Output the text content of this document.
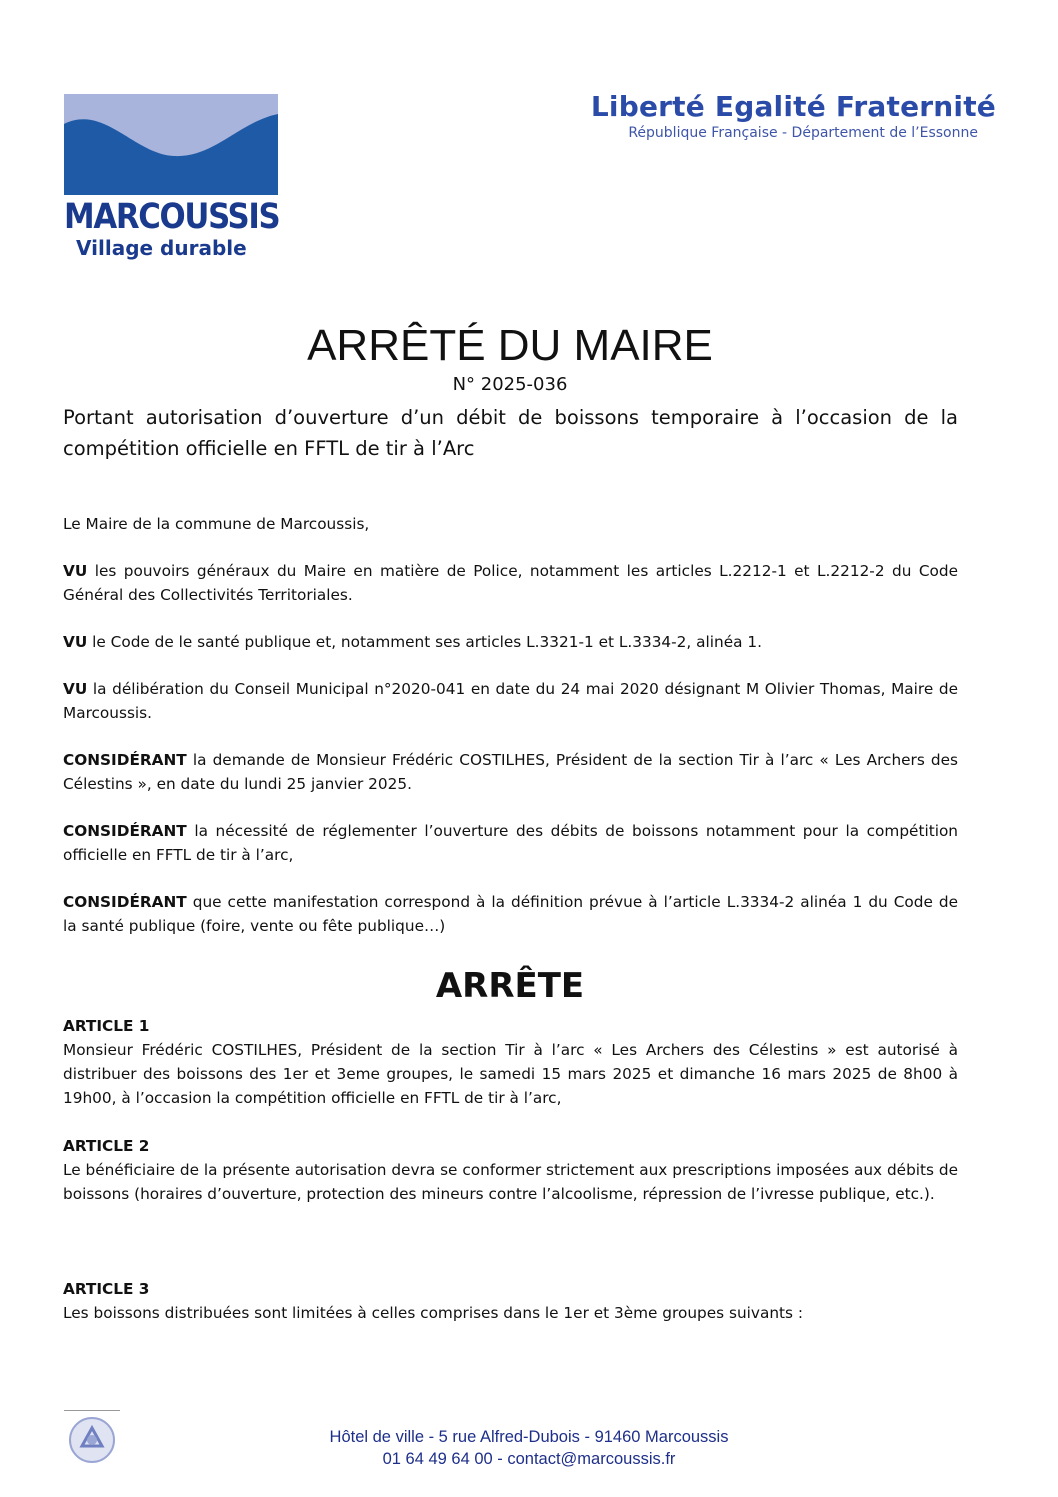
MARCOUSSIS
Village durable
Liberté Egalité Fraternité
République Française - Département de l’Essonne
ARRÊTÉ DU MAIRE
N° 2025-036
Portant autorisation d’ouverture d’un débit de boissons temporaire à l’occasion de la compétition officielle en FFTL de tir à l’Arc

Le Maire de la commune de Marcoussis,

VU les pouvoirs généraux du Maire en matière de Police, notamment les articles L.2212-1 et L.2212-2 du Code Général des Collectivités Territoriales.

VU le Code de le santé publique et, notamment ses articles L.3321-1 et L.3334-2, alinéa 1.

VU la délibération du Conseil Municipal n°2020-041 en date du 24 mai 2020 désignant M Olivier Thomas, Maire de Marcoussis.

CONSIDÉRANT la demande de Monsieur Frédéric COSTILHES, Président de la section Tir à l’arc « Les Archers des Célestins », en date du lundi 25 janvier 2025.

CONSIDÉRANT la nécessité de réglementer l’ouverture des débits de boissons notamment pour la compétition officielle en FFTL de tir à l’arc,

CONSIDÉRANT que cette manifestation correspond à la définition prévue à l’article L.3334-2 alinéa 1 du Code de la santé publique (foire, vente ou fête publique…)

ARRÊTE
ARTICLE 1
Monsieur Frédéric COSTILHES, Président de la section Tir à l’arc « Les Archers des Célestins » est autorisé à distribuer des boissons des 1er et 3eme groupes, le samedi 15 mars 2025 et dimanche 16 mars 2025 de 8h00 à 19h00, à l’occasion la compétition officielle en FFTL de tir à l’arc,
ARTICLE 2
Le bénéficiaire de la présente autorisation devra se conformer strictement aux prescriptions imposées aux débits de boissons (horaires d’ouverture, protection des mineurs contre l’alcoolisme, répression de l’ivresse publique, etc.).
ARTICLE 3
Les boissons distribuées sont limitées à celles comprises dans le 1er et 3ème groupes suivants :
Hôtel de ville - 5 rue Alfred-Dubois - 91460 Marcoussis
01 64 49 64 00 - contact@marcoussis.fr
